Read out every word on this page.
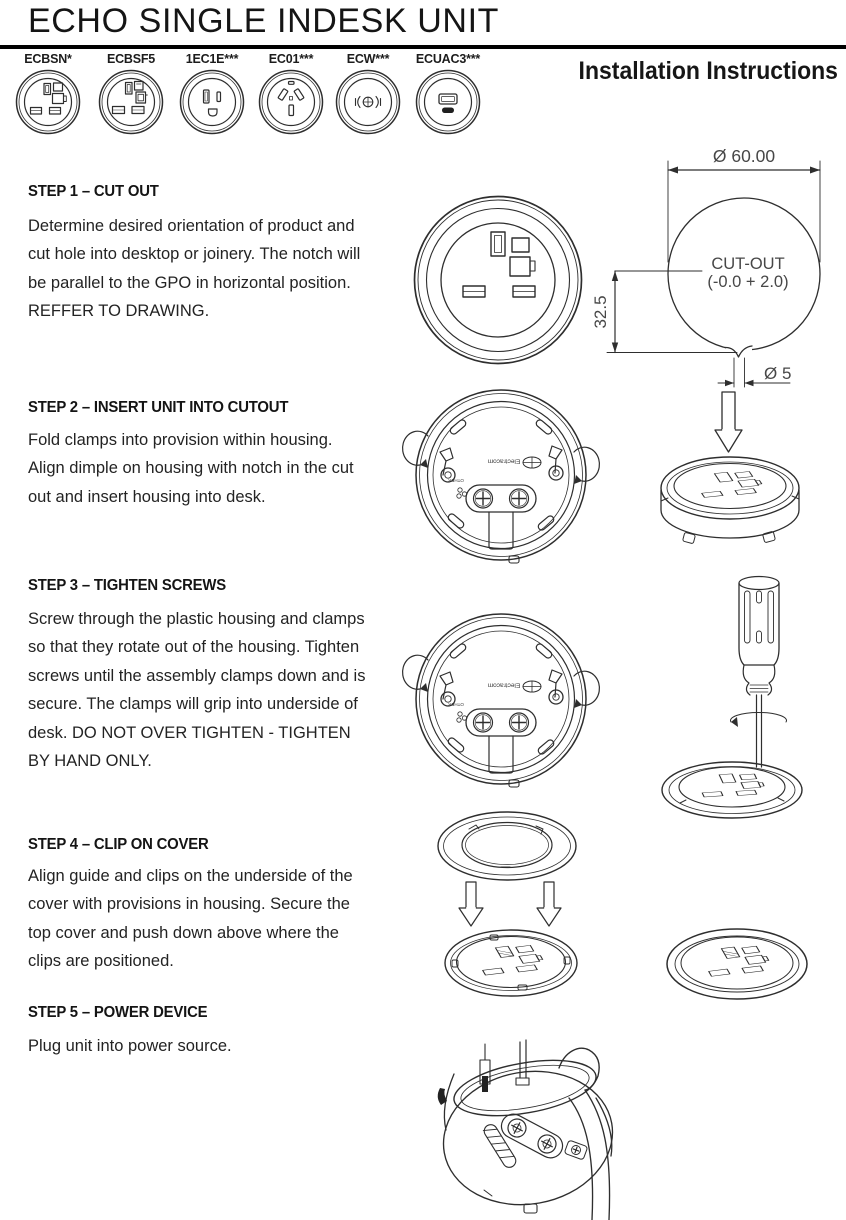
ECHO SINGLE INDESK UNIT
Installation Instructions
ECBSN*	ECBSF5	1EC1E***	EC01***	ECW***	ECUAC3***
STEP 1 – CUT OUT
Determine desired orientation of product and cut hole into desktop or joinery. The notch will be parallel to the GPO in horizontal position. REFFER TO DRAWING.
STEP 2 – INSERT UNIT INTO CUTOUT
Fold clamps into provision within housing. Align dimple on housing with notch in the cut out and insert housing into desk.
STEP 3 – TIGHTEN SCREWS
Screw through the plastic housing and clamps so that they rotate out of the housing. Tighten screws until the assembly clamps down and is secure. The clamps will grip into underside of desk. DO NOT OVER TIGHTEN - TIGHTEN BY HAND ONLY.
STEP 4 – CLIP ON COVER
Align guide and clips on the underside of the cover with provisions in housing. Secure the top cover and push down above where the clips are positioned.
STEP 5 – POWER DEVICE
Plug unit into power source.
Ø 60.00
CUT-OUT
(-0.0 + 2.0)
32.5
Ø 5
Electracom
OTHER
Electracom
OTHER
